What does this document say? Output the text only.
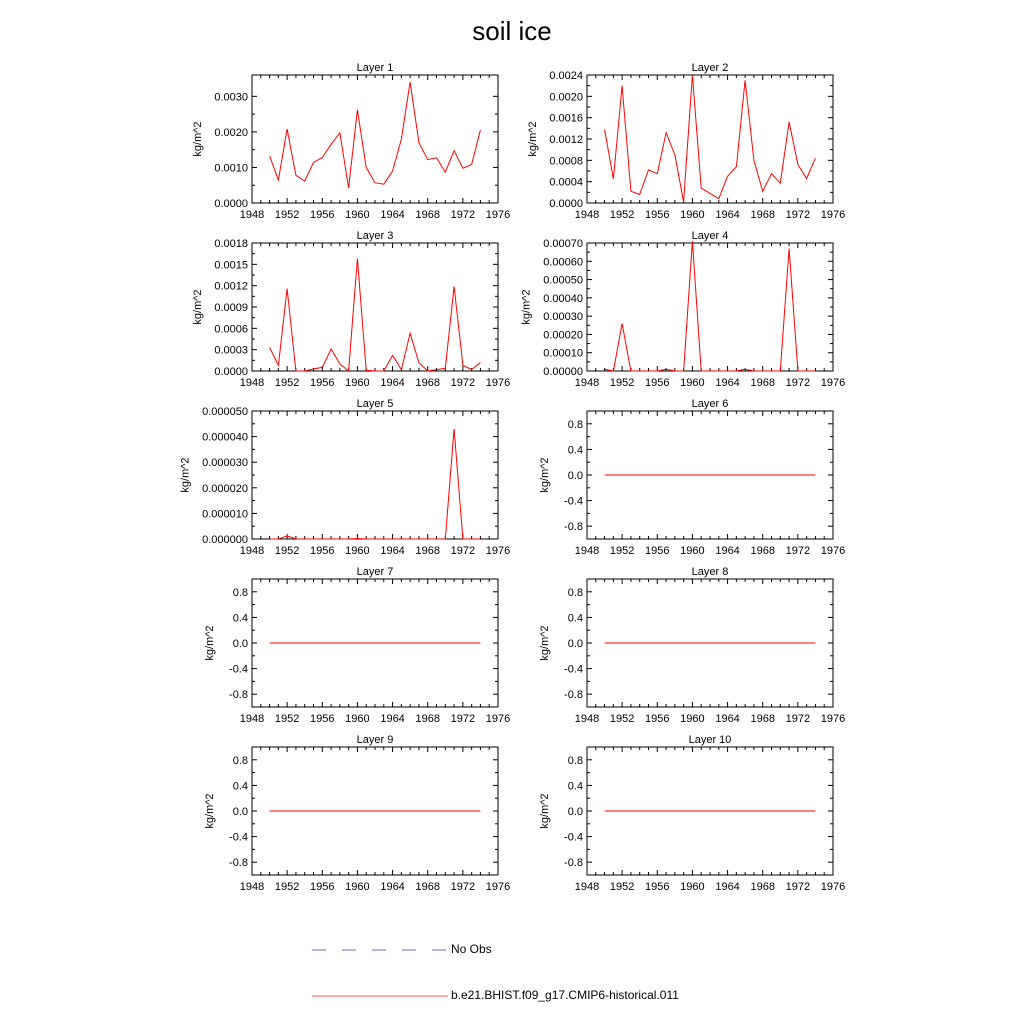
soil ice
Layer 1
1948 1952 1956 1960 1964 1968 1972 1976
0.0000
0.0010
0.0020
0.0030
kg/m^2
Layer 2
1948 1952 1956 1960 1964 1968 1972 1976
0.0000
0.0004
0.0008
0.0012
0.0016
0.0020
0.0024
kg/m^2
Layer 3
1948 1952 1956 1960 1964 1968 1972 1976
0.0000
0.0003
0.0006
0.0009
0.0012
0.0015
0.0018
kg/m^2
Layer 4
1948 1952 1956 1960 1964 1968 1972 1976
0.00000
0.00010
0.00020
0.00030
0.00040
0.00050
0.00060
0.00070
kg/m^2
Layer 5
1948 1952 1956 1960 1964 1968 1972 1976
0.000000
0.000010
0.000020
0.000030
0.000040
0.000050
kg/m^2
Layer 6
1948 1952 1956 1960 1964 1968 1972 1976
-0.8
-0.4
0.0
0.4
0.8
kg/m^2
Layer 7
1948 1952 1956 1960 1964 1968 1972 1976
-0.8
-0.4
0.0
0.4
0.8
kg/m^2
Layer 8
1948 1952 1956 1960 1964 1968 1972 1976
-0.8
-0.4
0.0
0.4
0.8
kg/m^2
Layer 9
1948 1952 1956 1960 1964 1968 1972 1976
-0.8
-0.4
0.0
0.4
0.8
kg/m^2
Layer 10
1948 1952 1956 1960 1964 1968 1972 1976
-0.8
-0.4
0.0
0.4
0.8
kg/m^2
No Obs
b.e21.BHIST.f09_g17.CMIP6-historical.011
